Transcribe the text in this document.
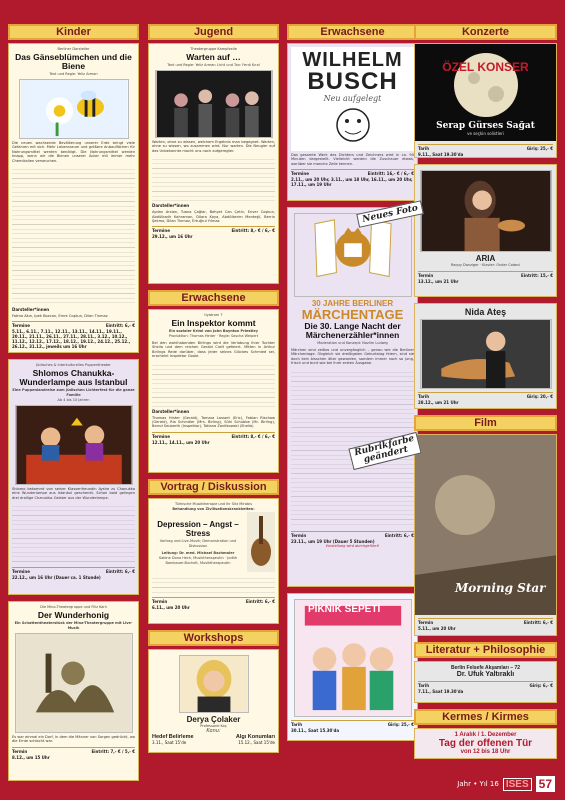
Kinder
Berliner Darsteller
Das Gänseblümchen und die Biene
Text und Regie: Yeliz Arman
Die neuen wachsende Bevölkerung unserer Erde bringt viele Gefahren mit sich. Mehr Lebensraum und größere Anbauflächen für Nahrungsmittel werden benötigt. Die Nahrungsmittel werden knapp, wenn wir die Bienen unserer Äcker mit immer mehr Chemikalien verseuchen.
Darsteller*innen
Fatma Akın, Ipek Bozcan, Emre Coşkun, Dilan Tinmaz
Termine	Eintritt: 6,- €
5.11., 6.11., 7.11., 12.11., 13.11., 14.11., 19.11., 20.11., 21.11., 26.11., 27.11., 28.11., 3.12., 10.12., 11.12., 12.12., 17.12., 18.12., 19.12., 24.12., 25.12., 26.12., 31.12., jeweils um 16 Uhr
Jüdisches & Interkulturelles Puppentheater
Shlomos Chanukka-Wunderlampe aus Istanbul
Eine Puppenlandreise zum jüdischen Lichterfest für die ganze Familie
Ab 4 bis 10 Jahren
Shlomo bekommt von seiner Klassenfreundin Ayshe zu Chanukka eine Wunderlampe aus Istanbul geschenkt. Schon bald gelingen drei drollige Chanukka-Geister aus der Wunderlampe.
Termine	Eintritt: 6,- €
22.12., um 16 Uhr (Dauer ca. 1 Stunde)
Die Mino-Theatergruppe und Filiz Karlı
Der Wunderhonig
Ein Schattentheaterstück der Mina-Theatergruppe mit Live-Musik
Es war einmal ein Dorf, in dem die Männer von Sorgen gedrückt, wo die Ernte schlecht war.
Termin	Eintritt: 7,- € / 5,- €
8.12., um 15 Uhr
Jugend
Theatergruppe Kampfzelle
Warten auf …
Text und Regie: Yeliz Arman Licht und Ton: Ferdi Kıral
Warten, ohne zu wissen, welchem Ergebnis man begegnet. Warten, ohne zu wissen, wo zusammen wird. Nur warten. Die Neugier auf das Unbekannte macht uns noch aufgeregter.
Darsteller*innen
Aydan Arslan, Tuana Çağlar, Behçet Can Çetin, Enver Coşkun, Abdülkadir Kahraman, Dilara Kaya, Abdülkerim Menteşli, Berrin Şekmo, Dilan Tinmaz, Ertuğrul Yılmaz
Termine	Eintritt: 8,- € / 6,- €
29.12., um 16 Uhr
Erwachsene
tiyatrom 7
Ein Inspektor kommt
Ein sozialer Krimi von John Boynton Priestley
Produktion: Thomas Hinter · Regie: Sascha Weipert
Bei den wohlhabenden Birlings wird die Verlobung ihrer Tochter Sheila und dem reichen Gerald Croft gefeiert. Mitten in Arthur Birlings Rede darüber, dass jeder seines Glückes Schmied sei, erscheint Inspektor Goole.
Darsteller*innen
Thomas Hinter (Gerald), Tamara Lossert (Eric), Fabian Rischow (Gerald), Ria Schindler (Mrs. Birling), Sühi Schubbe (Mr. Birling), Bernd Seuberth (Inspektor), Tatiana Zavitkowski (Sheila)
Termine	Eintritt: 8,- € / 6,- €
12.11., 14.11., um 20 Uhr
Vortrag / Diskussion
Türkische Musiktherapie und Ihr Sitz Mirabis
Behandlung von Zivilisationskrankheiten:
Depression – Angst – Stress
Vortrag und Live-Musik; Demonstration und Diskussion
Leitung: Dr. med. Michael Bachmaier
Sabine Dona Heck, Musiktherapeutin · Judith Bombauer-Buchelt, Musiktherapeutin
Termin	Eintritt: 6,- €
6.11., um 20 Uhr
Workshops
Derya Çolaker
Professorel Koç
Konu:
Hedef Belirleme	Algı Konumları
3.11., Saat 15'de	15.12., Saat 15'de
Erwachsene
WILHELM
BUSCH
Neu aufgelegt
Das gesamte Werk des Dichters und Zeichners wird in ca. 90 Minuten dargestellt. Vielleicht werden die Zuschauer etwas, worüber sie manche Zeile kennen.
Termine	Eintritt: 16,- € / 6,- €
2.11., um 20 Uhr, 3.11., um 18 Uhr, 16.11., um 20 Uhr, 17.11., um 19 Uhr
30 JAHRE BERLINER
MÄRCHENTAGE
Die 30. Lange Nacht der Märchenerzähler*innen
Moderation und Konzept: Nazlim Ludwig
Märchen sind zeitlos und unvergänglich – genau wie die Berliner Märchentage. Obgleich sie dreißigsten Geburtstag feiern, sind sie doch kein bisschen älter geworden, sondern immer noch so jung, frisch und bunt wie bei ihrer ersten Ausgabe.
Termin	Eintritt: 6,- €
23.11., um 19 Uhr (Dauer 5 Stunden)
Vorstellung wird durchgeführt!
PİKNİK SEPETİ
Tarih	Giriş: 25,- €
30.11., Saat 15.30'da
Konzerte
ÖZEL KONSER
Serap Gürses Sağat
ve seçkin solistleri
Tarih	Giriş: 25,- €
9.11., Saat 19.30'da
ARIA
Raquy Danziger · Klavier: Onder Cobeci
Termin	Eintritt: 15,- €
13.12., um 21 Uhr
Nida Ateş
Tarih	Giriş: 20,- €
28.12., um 21 Uhr
Film
Morning Star
Termin	Eintritt: 6,- €
5.11., um 20 Uhr
Literatur + Philosophie
Berlin Felsefe Akşamları – 72
Dr. Ufuk Yaltıraklı
Tarih	Giriş: 6,- €
7.11., Saat 19.30'da
Kermes / Kirmes
1 Aralık / 1. Dezember
Tag der offenen Tür
von 12 bis 18 Uhr
Neues Foto
Rubrikfarbe geändert
Jahr • Yıl 16 ISES 57
